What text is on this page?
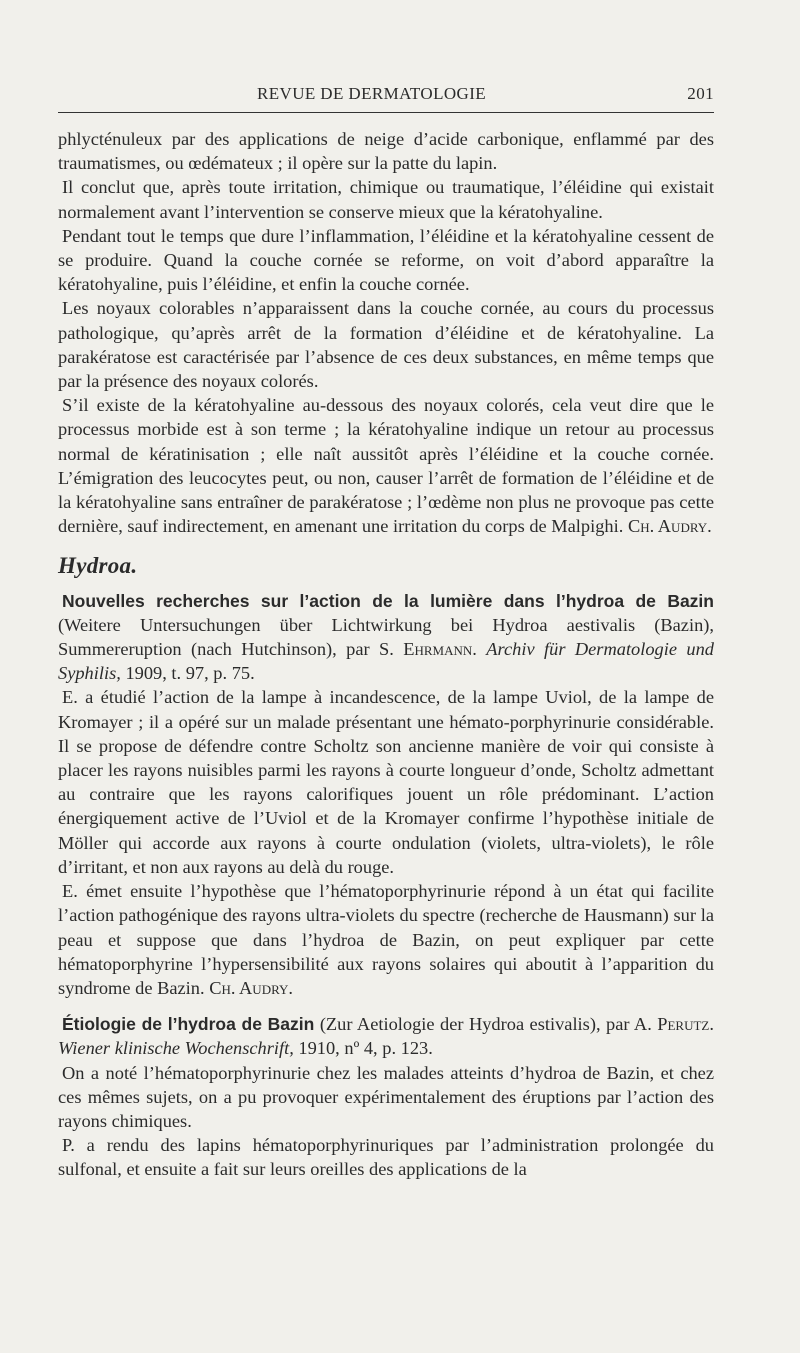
REVUE DE DERMATOLOGIE	201

phlycténuleux par des applications de neige d’acide carbonique, enflammé par des traumatismes, ou œdémateux ; il opère sur la patte du lapin.

Il conclut que, après toute irritation, chimique ou traumatique, l’éléidine qui existait normalement avant l’intervention se conserve mieux que la kératohyaline.

Pendant tout le temps que dure l’inflammation, l’éléidine et la kératohyaline cessent de se produire. Quand la couche cornée se reforme, on voit d’abord apparaître la kératohyaline, puis l’éléidine, et enfin la couche cornée.

Les noyaux colorables n’apparaissent dans la couche cornée, au cours du processus pathologique, qu’après arrêt de la formation d’éléidine et de kératohyaline. La parakératose est caractérisée par l’absence de ces deux substances, en même temps que par la présence des noyaux colorés.

S’il existe de la kératohyaline au-dessous des noyaux colorés, cela veut dire que le processus morbide est à son terme ; la kératohyaline indique un retour au processus normal de kératinisation ; elle naît aussitôt après l’éléidine et la couche cornée. L’émigration des leucocytes peut, ou non, causer l’arrêt de formation de l’éléidine et de la kératohyaline sans entraîner de parakératose ; l’œdème non plus ne provoque pas cette dernière, sauf indirectement, en amenant une irritation du corps de Malpighi. Ch. Audry.

Hydroa.

Nouvelles recherches sur l’action de la lumière dans l’hydroa de Bazin (Weitere Untersuchungen über Lichtwirkung bei Hydroa aestivalis (Bazin), Summereruption (nach Hutchinson), par S. Ehrmann. Archiv für Dermatologie und Syphilis, 1909, t. 97, p. 75.

E. a étudié l’action de la lampe à incandescence, de la lampe Uviol, de la lampe de Kromayer ; il a opéré sur un malade présentant une hémato-porphyrinurie considérable. Il se propose de défendre contre Scholtz son ancienne manière de voir qui consiste à placer les rayons nuisibles parmi les rayons à courte longueur d’onde, Scholtz admettant au contraire que les rayons calorifiques jouent un rôle prédominant. L’action énergiquement active de l’Uviol et de la Kromayer confirme l’hypothèse initiale de Möller qui accorde aux rayons à courte ondulation (violets, ultra-violets), le rôle d’irritant, et non aux rayons au delà du rouge.

E. émet ensuite l’hypothèse que l’hématoporphyrinurie répond à un état qui facilite l’action pathogénique des rayons ultra-violets du spectre (recherche de Hausmann) sur la peau et suppose que dans l’hydroa de Bazin, on peut expliquer par cette hématoporphyrine l’hypersensibilité aux rayons solaires qui aboutit à l’apparition du syndrome de Bazin. Ch. Audry.

Étiologie de l’hydroa de Bazin (Zur Aetiologie der Hydroa estivalis), par A. Perutz. Wiener klinische Wochenschrift, 1910, nº 4, p. 123.

On a noté l’hématoporphyrinurie chez les malades atteints d’hydroa de Bazin, et chez ces mêmes sujets, on a pu provoquer expérimentalement des éruptions par l’action des rayons chimiques.

P. a rendu des lapins hématoporphyrinuriques par l’administration prolongée du sulfonal, et ensuite a fait sur leurs oreilles des applications de la
